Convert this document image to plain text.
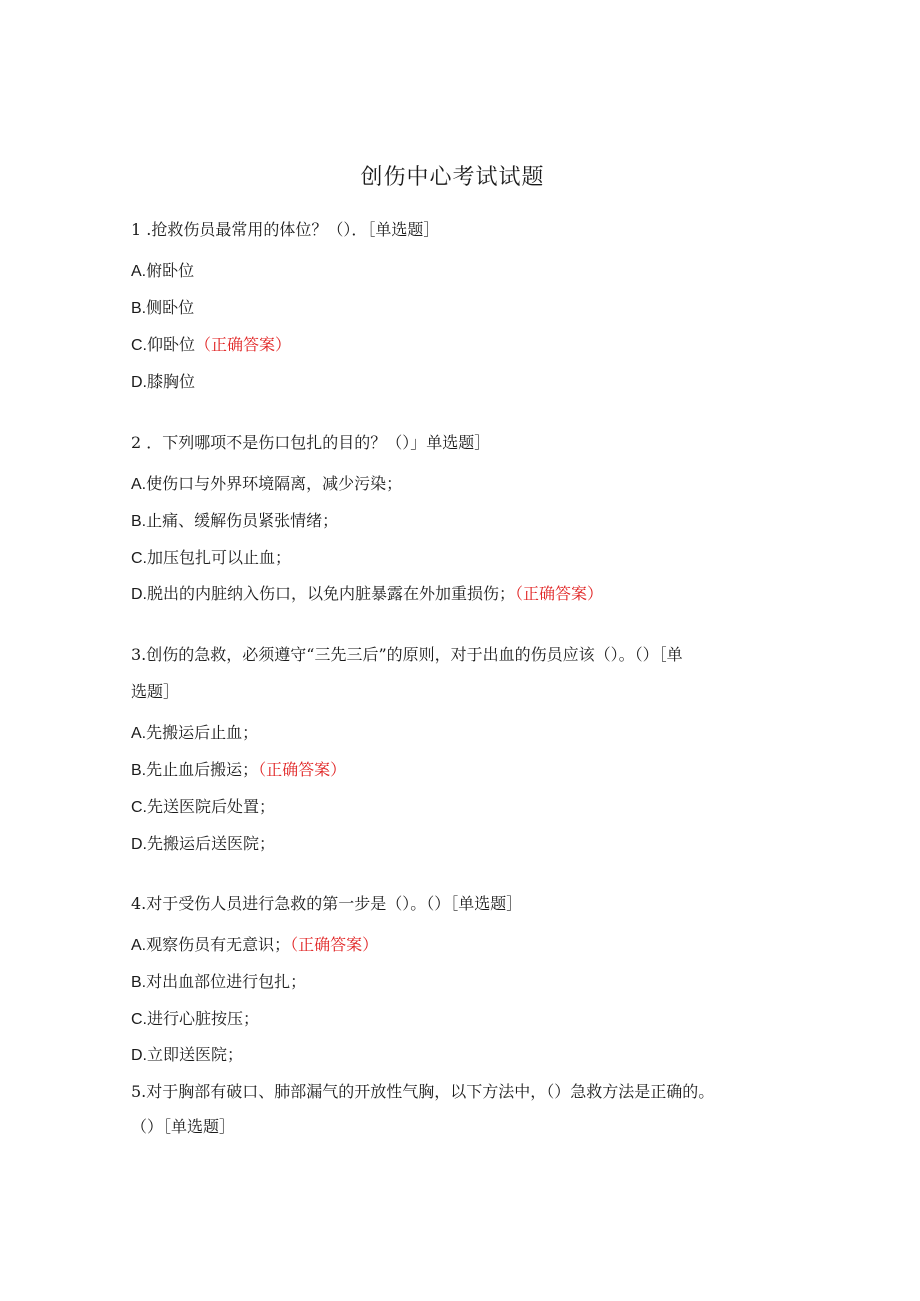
创伤中心考试试题
1 .抢救伤员最常用的体位？（）．［单选题］
A.俯卧位
B.侧卧位
C.仰卧位（正确答案）
D.膝胸位
2 ．下列哪项不是伤口包扎的目的？（）」单选题］
A.使伤口与外界环境隔离，减少污染；
B.止痛、缓解伤员紧张情绪；
C.加压包扎可以止血；
D.脱出的内脏纳入伤口，以免内脏暴露在外加重损伤；（正确答案）
3.创伤的急救，必须遵守“三先三后”的原则，对于出血的伤员应该（）。（）［单
选题］
A.先搬运后止血；
B.先止血后搬运；（正确答案）
C.先送医院后处置；
D.先搬运后送医院；
4.对于受伤人员进行急救的第一步是（）。（）［单选题］
A.观察伤员有无意识；（正确答案）
B.对出血部位进行包扎；
C.进行心脏按压；
D.立即送医院；
5.对于胸部有破口、肺部漏气的开放性气胸，以下方法中，（）急救方法是正确的。
（）［单选题］
